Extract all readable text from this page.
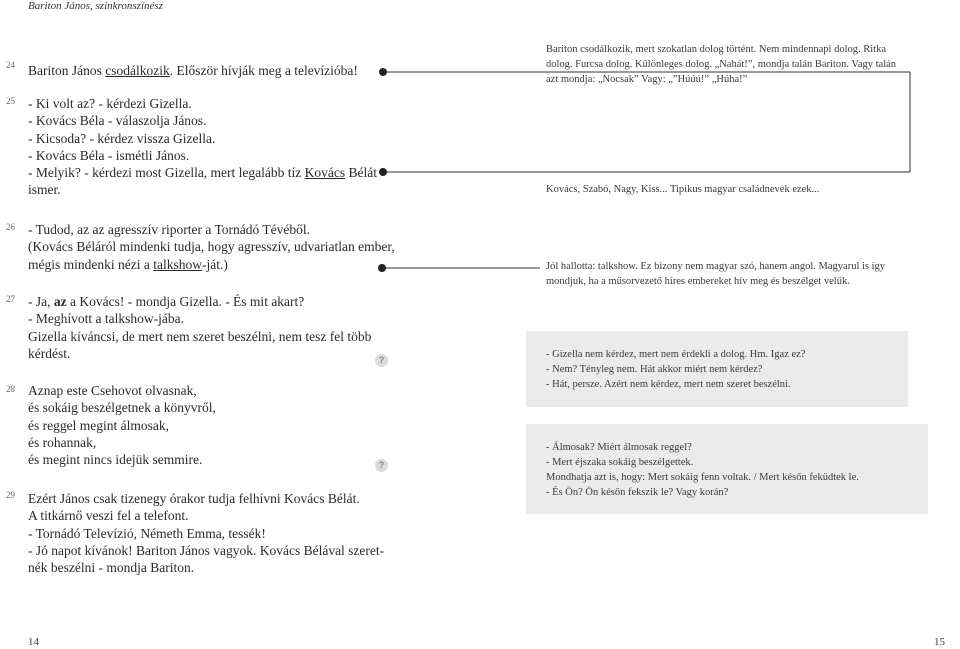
Bariton János, szinkronszínész
24
25
26
27
28
29
Bariton János csodálkozik. Először hívják meg a televízióba!
- Ki volt az? - kérdezi Gizella.
- Kovács Béla - válaszolja János.
- Kicsoda? - kérdez vissza Gizella.
- Kovács Béla - ismétli János.
- Melyik? - kérdezi most Gizella, mert legalább tíz Kovács Bélát
ismer.
- Tudod, az az agresszív riporter a Tornádó Tévéből.
(Kovács Béláról mindenki tudja, hogy agresszív, udvariatlan ember,
mégis mindenki nézi a talkshow-ját.)
- Ja, az a Kovács! - mondja Gizella. - És mit akart?
- Meghívott a talkshow-jába.
Gizella kíváncsi, de mert nem szeret beszélni, nem tesz fel több
kérdést.
Aznap este Csehovot olvasnak,
és sokáig beszélgetnek a könyvről,
és reggel megint álmosak,
és rohannak,
és megint nincs idejük semmire.
Ezért János csak tizenegy órakor tudja felhívni Kovács Bélát.
A titkárnő veszi fel a telefont.
- Tornádó Televízió, Németh Emma, tessék!
- Jó napot kívánok! Bariton János vagyok. Kovács Bélával szeret-
nék beszélni - mondja Bariton.
?
?
Bariton csodálkozik, mert szokatlan dolog történt. Nem mindennapi dolog. Ritka
dolog. Furcsa dolog. Különleges dolog. „Nahát!”, mondja talán Bariton. Vagy talán
azt mondja: „Nocsak” Vagy: „”Húúú!” „Húha!”
Kovács, Szabó, Nagy, Kiss... Tipikus magyar családnevek ezek...
Jól hallotta: talkshow. Ez bizony nem magyar szó, hanem angol. Magyarul is így
mondjuk, ha a műsorvezető híres embereket hív meg és beszélget velük.
- Gizella nem kérdez, mert nem érdekli a dolog. Hm. Igaz ez?
- Nem? Tényleg nem. Hát akkor miért nem kérdez?
- Hát, persze. Azért nem kérdez, mert nem szeret beszélni.
- Álmosak? Miért álmosak reggel?
- Mert éjszaka sokáig beszélgettek.
Mondhatja azt is, hogy: Mert sokáig fenn voltak. / Mert későn feküdtek le.
- És Ön? Ön későn fekszik le? Vagy korán?
14	15
